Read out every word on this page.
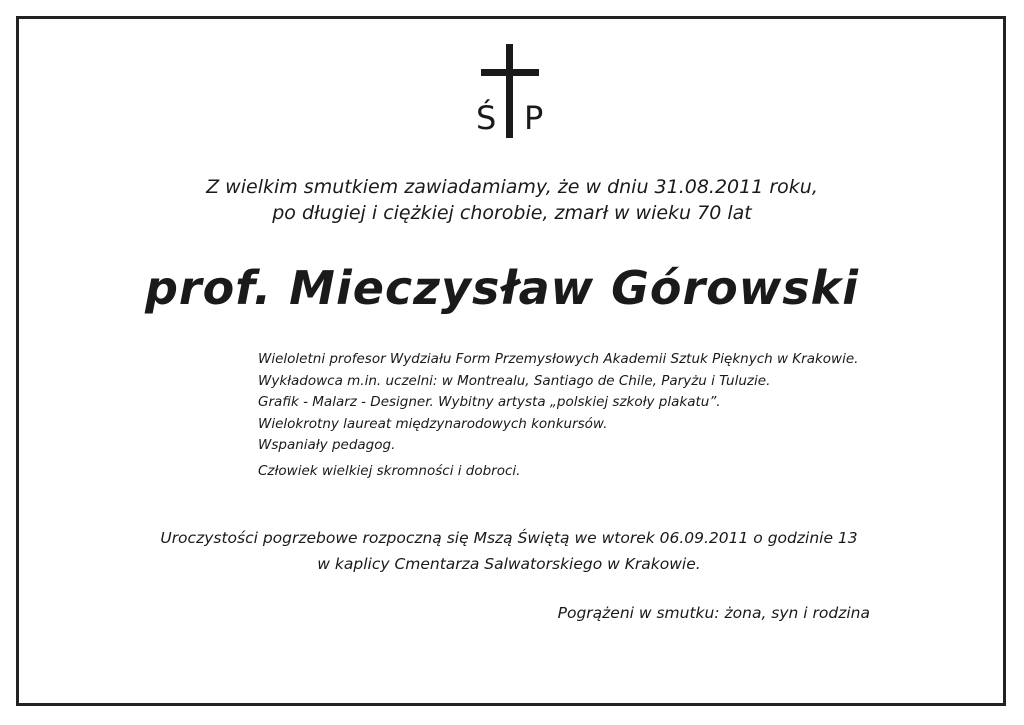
Ś P
Z wielkim smutkiem zawiadamiamy, że w dniu 31.08.2011 roku,
po długiej i ciężkiej chorobie, zmarł w wieku 70 lat
prof. Mieczysław Górowski
Wieloletni profesor Wydziału Form Przemysłowych Akademii Sztuk Pięknych w Krakowie.
Wykładowca m.in. uczelni: w Montrealu, Santiago de Chile, Paryżu i Tuluzie.
Grafik - Malarz - Designer. Wybitny artysta „polskiej szkoły plakatu”.
Wielokrotny laureat międzynarodowych konkursów.
Wspaniały pedagog.
Człowiek wielkiej skromności i dobroci.
Uroczystości pogrzebowe rozpoczną się Mszą Świętą we wtorek 06.09.2011 o godzinie 13
w kaplicy Cmentarza Salwatorskiego w Krakowie.
Pogrążeni w smutku: żona, syn i rodzina
